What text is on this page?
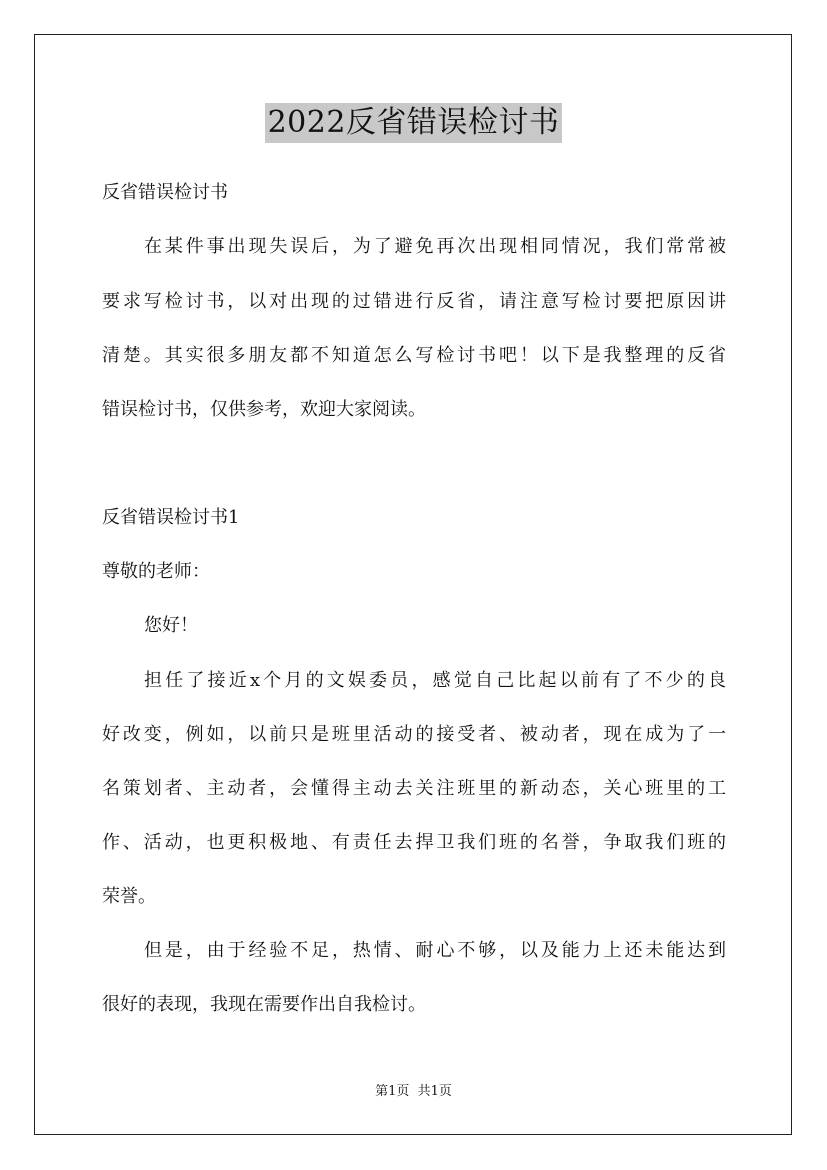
2022反省错误检讨书
反省错误检讨书
在某件事出现失误后，为了避免再次出现相同情况，我们常常被
要求写检讨书，以对出现的过错进行反省，请注意写检讨要把原因讲
清楚。其实很多朋友都不知道怎么写检讨书吧！以下是我整理的反省
错误检讨书，仅供参考，欢迎大家阅读。
反省错误检讨书1
尊敬的老师：
您好！
担任了接近x个月的文娱委员，感觉自己比起以前有了不少的良
好改变，例如，以前只是班里活动的接受者、被动者，现在成为了一
名策划者、主动者，会懂得主动去关注班里的新动态，关心班里的工
作、活动，也更积极地、有责任去捍卫我们班的名誉，争取我们班的
荣誉。
但是，由于经验不足，热情、耐心不够，以及能力上还未能达到
很好的表现，我现在需要作出自我检讨。
第1页  共1页
